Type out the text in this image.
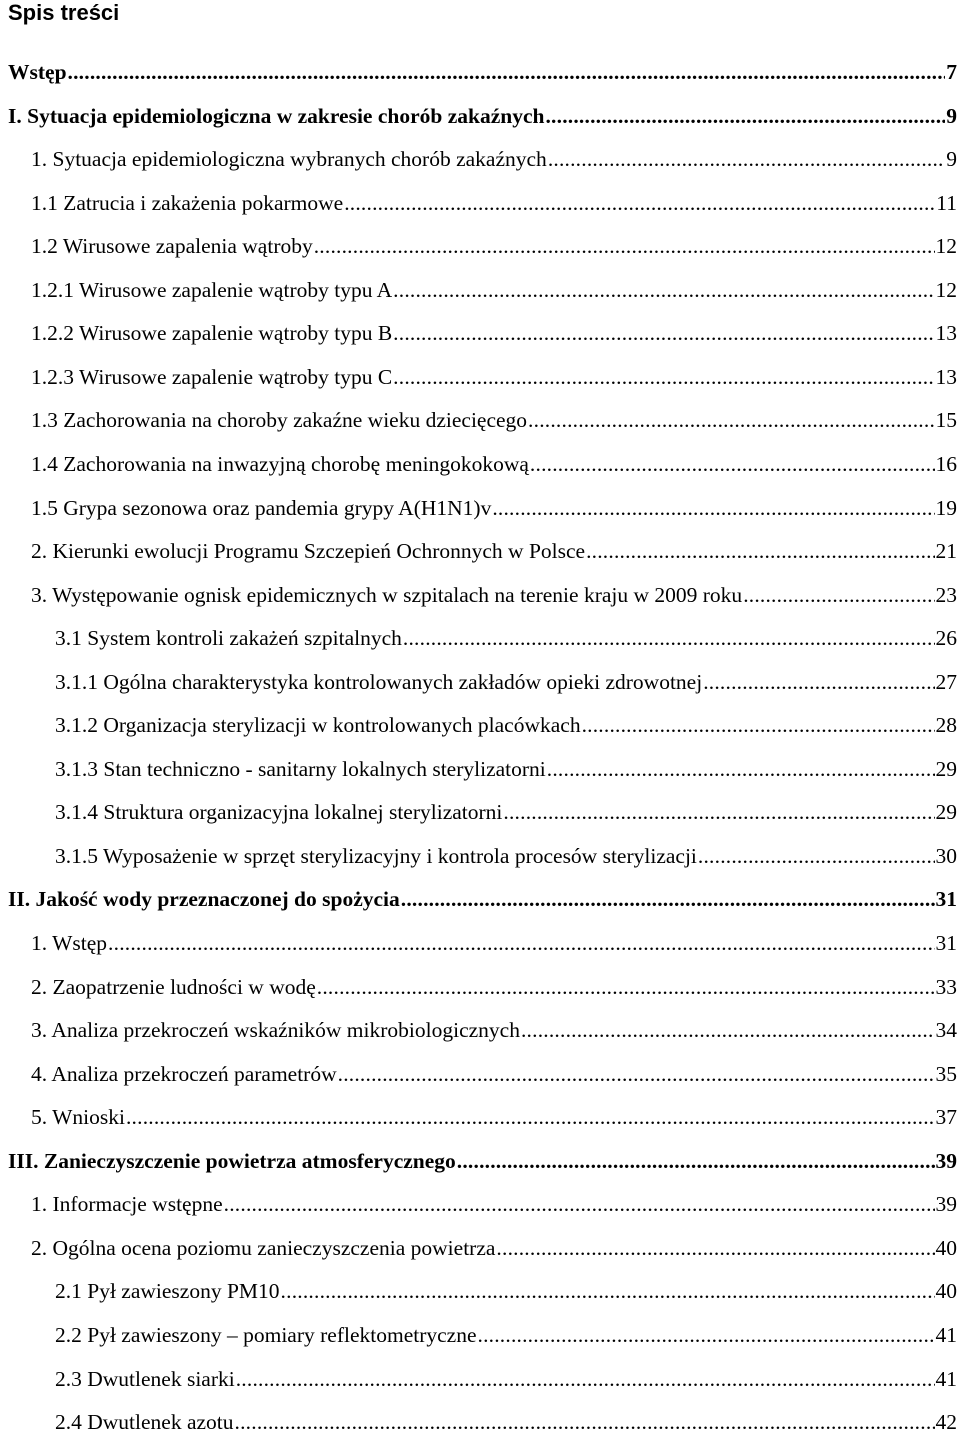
Spis treści
Wstęp .....	7
I. Sytuacja epidemiologiczna w zakresie chorób zakaźnych .....	9
1. Sytuacja epidemiologiczna wybranych chorób zakaźnych .....	9
1.1 Zatrucia i zakażenia pokarmowe .....	11
1.2 Wirusowe zapalenia wątroby .....	12
1.2.1 Wirusowe zapalenie wątroby typu A .....	12
1.2.2 Wirusowe zapalenie wątroby typu B .....	13
1.2.3 Wirusowe zapalenie wątroby typu C .....	13
1.3 Zachorowania na choroby zakaźne wieku dziecięcego .....	15
1.4 Zachorowania na inwazyjną chorobę meningokokową .....	16
1.5 Grypa sezonowa oraz pandemia grypy A(H1N1)v .....	19
2. Kierunki ewolucji Programu Szczepień Ochronnych w Polsce .....	21
3. Występowanie ognisk epidemicznych w szpitalach na terenie kraju w 2009 roku .....	23
3.1 System kontroli zakażeń szpitalnych .....	26
3.1.1 Ogólna charakterystyka kontrolowanych zakładów opieki zdrowotnej .....	27
3.1.2 Organizacja sterylizacji w kontrolowanych placówkach .....	28
3.1.3 Stan techniczno - sanitarny lokalnych sterylizatorni .....	29
3.1.4 Struktura organizacyjna lokalnej sterylizatorni .....	29
3.1.5 Wyposażenie w sprzęt sterylizacyjny i kontrola procesów sterylizacji .....	30
II. Jakość wody przeznaczonej do spożycia .....	31
1. Wstęp .....	31
2. Zaopatrzenie ludności w wodę .....	33
3. Analiza przekroczeń wskaźników mikrobiologicznych .....	34
4. Analiza przekroczeń parametrów .....	35
5. Wnioski .....	37
III. Zanieczyszczenie powietrza atmosferycznego .....	39
1. Informacje wstępne .....	39
2. Ogólna ocena poziomu zanieczyszczenia powietrza .....	40
2.1 Pył zawieszony PM10 .....	40
2.2 Pył zawieszony – pomiary reflektometryczne .....	41
2.3 Dwutlenek siarki .....	41
2.4 Dwutlenek azotu .....	42
